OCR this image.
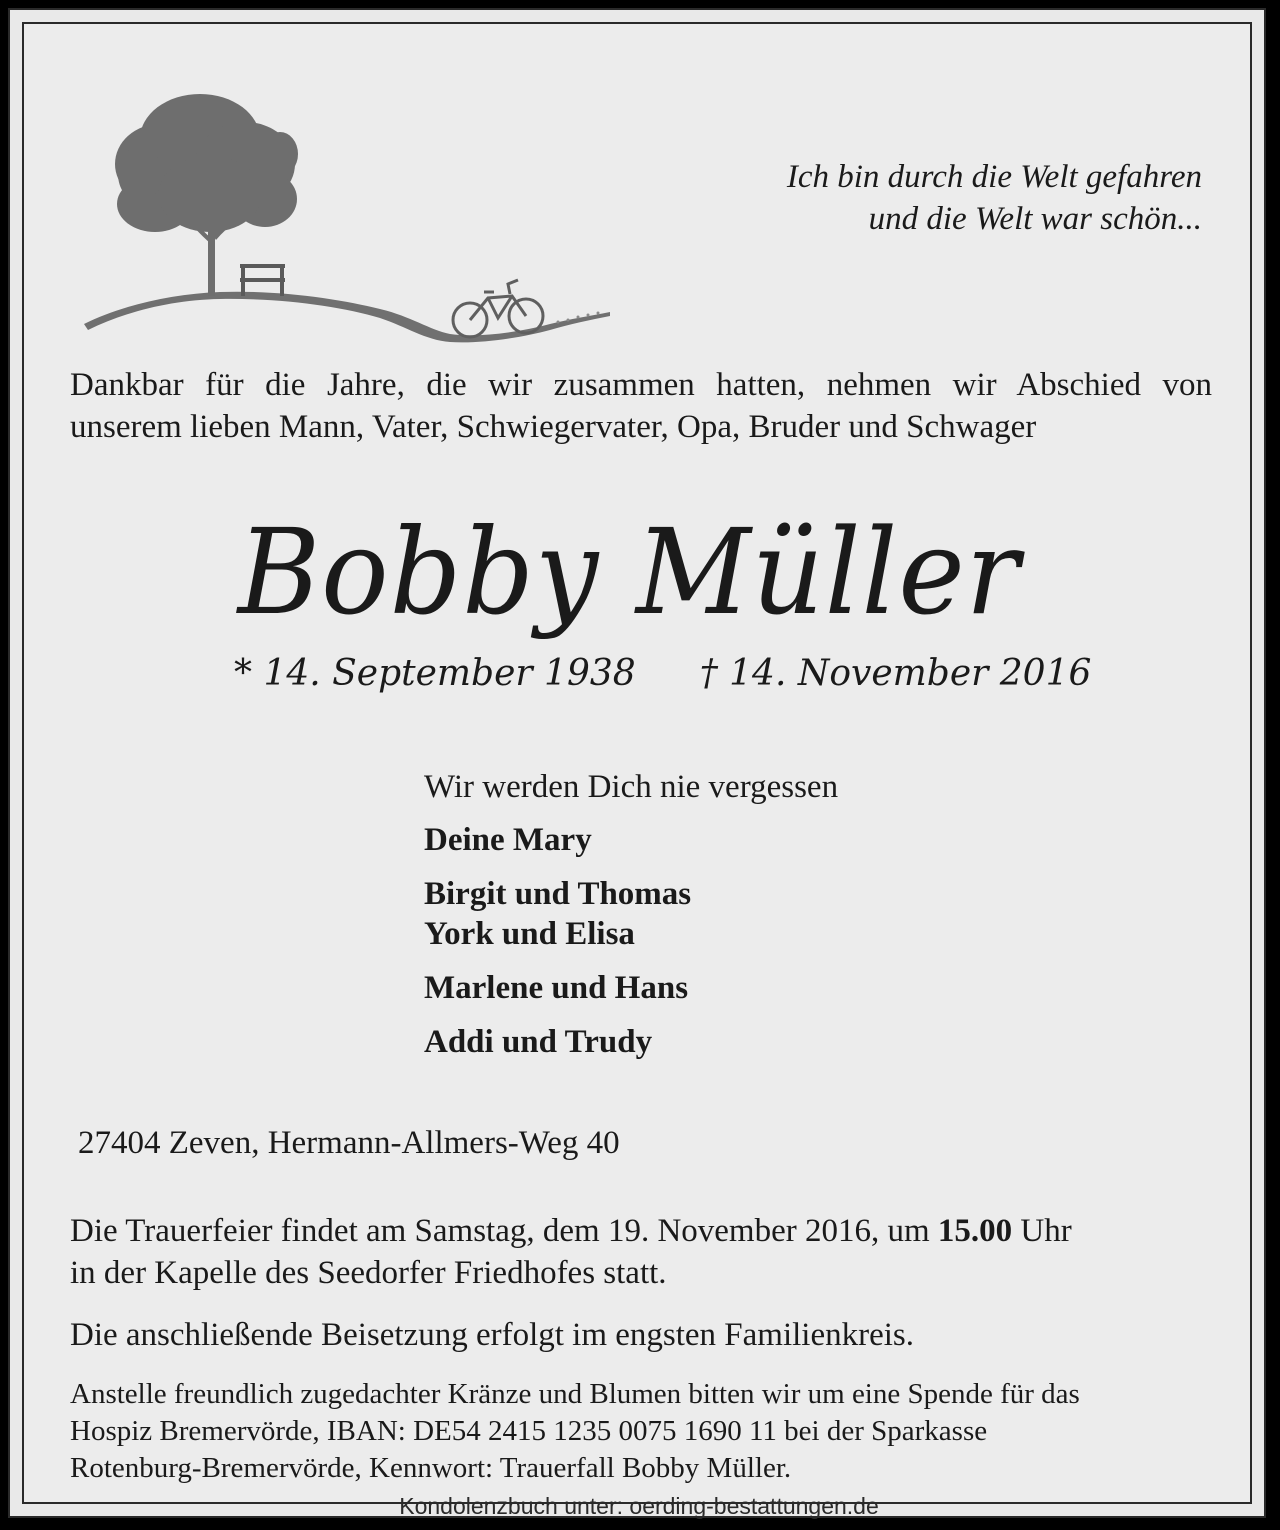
Ich bin durch die Welt gefahren
und die Welt war schön...
Dankbar für die Jahre, die wir zusammen hatten, nehmen wir Abschied von
unserem lieben Mann, Vater, Schwiegervater, Opa, Bruder und Schwager
Bobby Müller
* 14. September 1938 † 14. November 2016
Wir werden Dich nie vergessen
Deine Mary
Birgit und Thomas
York und Elisa
Marlene und Hans
Addi und Trudy
27404 Zeven, Hermann-Allmers-Weg 40
Die Trauerfeier findet am Samstag, dem 19. November 2016, um 15.00 Uhr
in der Kapelle des Seedorfer Friedhofes statt.
Die anschließende Beisetzung erfolgt im engsten Familienkreis.
Anstelle freundlich zugedachter Kränze und Blumen bitten wir um eine Spende für das
Hospiz Bremervörde, IBAN: DE54 2415 1235 0075 1690 11 bei der Sparkasse
Rotenburg-Bremervörde, Kennwort: Trauerfall Bobby Müller.
Kondolenzbuch unter: oerding-bestattungen.de
